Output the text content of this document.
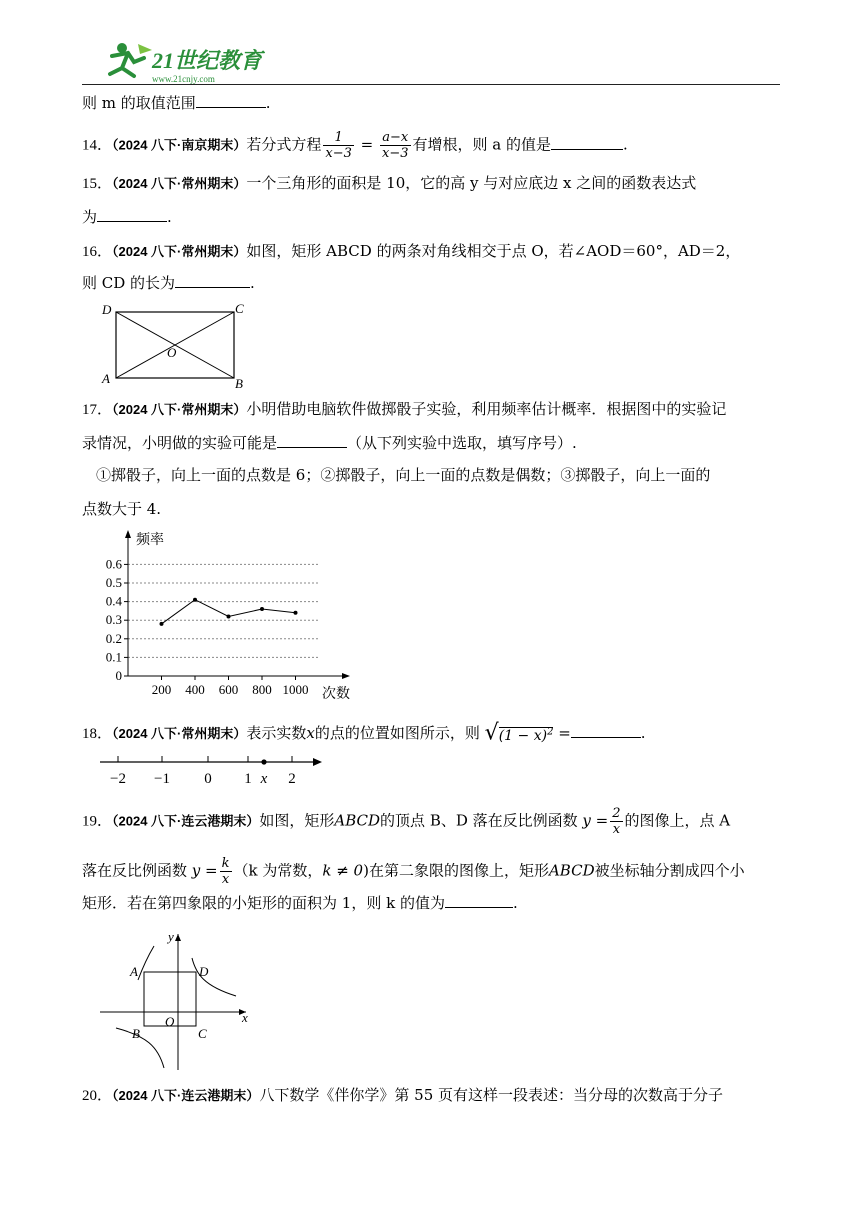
21世纪教育
www.21cnjy.com
则 m 的取值范围	.
14．（2024 八下·南京期末）若分式方程 $\frac{1}{x-3} = \frac{a-x}{x-3}$ 有增根，则 a 的值是	.
15．（2024 八下·常州期末）一个三角形的面积是 10，它的高 y 与对应底边 x 之间的函数表达式
为	.
16．（2024 八下·常州期末）如图，矩形 ABCD 的两条对角线相交于点 O，若∠AOD＝60°，AD＝2，
则 CD 的长为	.
D	C
A	B
O
17．（2024 八下·常州期末）小明借助电脑软件做掷骰子实验，利用频率估计概率．根据图中的实验记
录情况，小明做的实验可能是	（从下列实验中选取，填写序号）.
①掷骰子，向上一面的点数是 6；②掷骰子，向上一面的点数是偶数；③掷骰子，向上一面的
点数大于 4.
0
0.1
0.2
0.3
0.4
0.5
0.6
频率
次数
200 400 600 800 1000
18．（2024 八下·常州期末）表示实数x的点的位置如图所示，则 $√(1 - x)^2$ =	.
−2 −1 0 1 x 2
19．（2024 八下·连云港期末）如图，矩形ABCD的顶点 B、D 落在反比例函数 $y = \frac{2}{x}$ 的图像上，点 A
落在反比例函数 $y = \frac{k}{x} (k$ 为常数，k ≠ 0)在第二象限的图像上，矩形ABCD被坐标轴分割成四个小
矩形．若在第四象限的小矩形的面积为 1，则 k 的值为	.
x
y
A	D
B	C
O
20．（2024 八下·连云港期末）八下数学《伴你学》第 55 页有这样一段表述：当分母的次数高于分子
